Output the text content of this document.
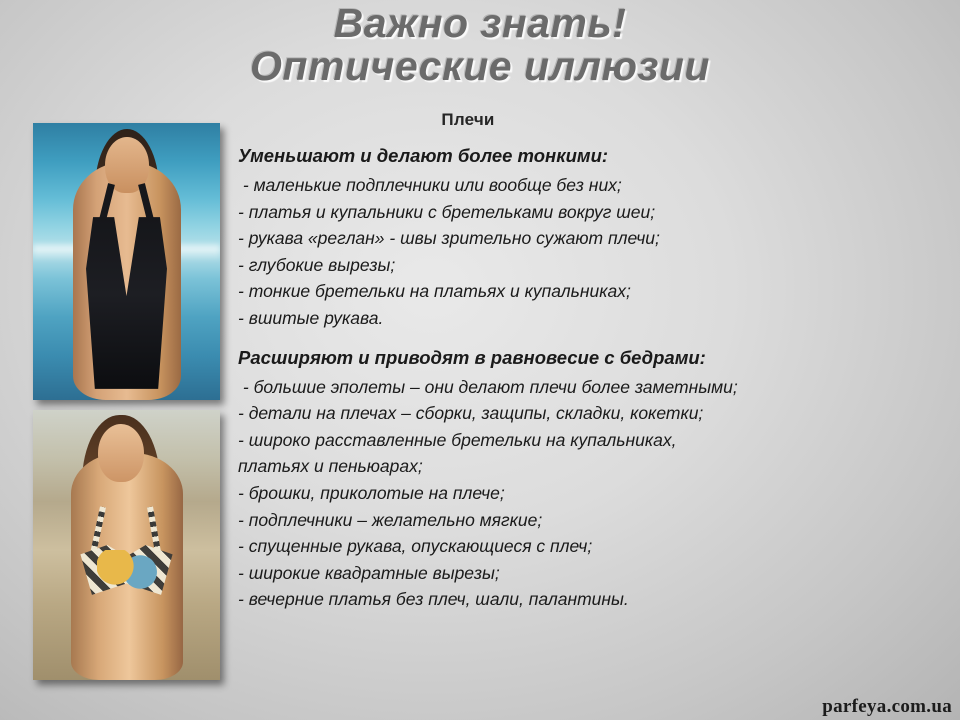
Важно знать!
Оптические иллюзии

Плечи

Уменьшают и делают более тонкими:

- маленькие подплечники или вообще без них;

- платья и купальники с бретельками вокруг шеи;

- рукава «реглан» - швы зрительно сужают плечи;

- глубокие вырезы;

- тонкие бретельки на платьях и купальниках;

- вшитые рукава.

Расширяют и приводят в равновесие с бедрами:

- большие эполеты – они делают плечи более заметными;

- детали на плечах – сборки, защипы, складки, кокетки;

- широко расставленные бретельки на купальниках,

платьях и пеньюарах;

- брошки, приколотые на плече;

- подплечники – желательно мягкие;

- спущенные рукава, опускающиеся с плеч;

- широкие квадратные вырезы;

- вечерние платья без плеч, шали, палантины.

parfeya.com.ua
